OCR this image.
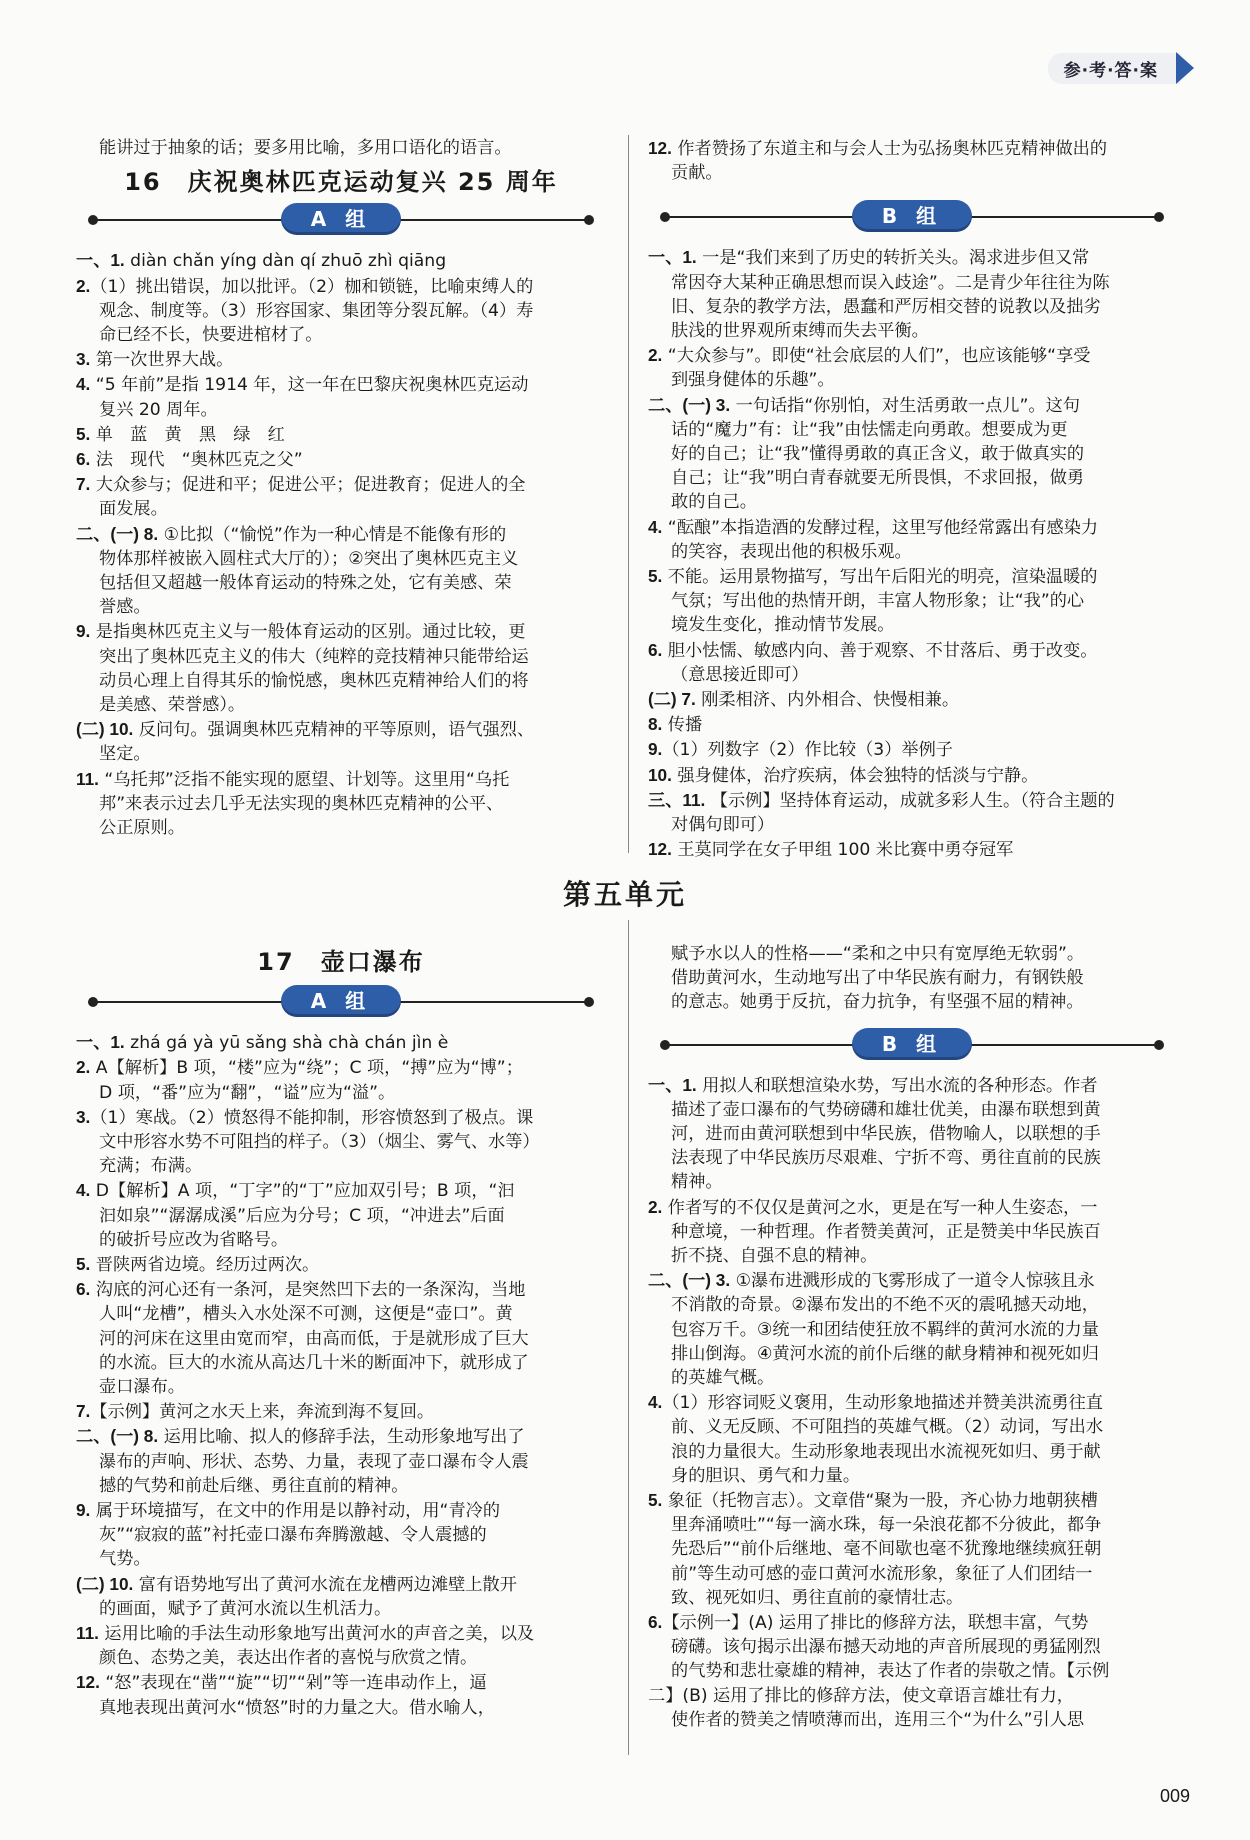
参·考·答·案
能讲过于抽象的话；要多用比喻，多用口语化的语言。
16　庆祝奥林匹克运动复兴 25 周年
A 组
一、1. diàn chǎn yíng dàn qí zhuō zhì qiāng
2.（1）挑出错误，加以批评。（2）枷和锁链，比喻束缚人的
观念、制度等。（3）形容国家、集团等分裂瓦解。（4）寿
命已经不长，快要进棺材了。
3. 第一次世界大战。
4. “5 年前”是指 1914 年，这一年在巴黎庆祝奥林匹克运动
复兴 20 周年。
5. 单　蓝　黄　黑　绿　红
6. 法　现代　“奥林匹克之父”
7. 大众参与；促进和平；促进公平；促进教育；促进人的全
面发展。
二、(一) 8. ①比拟（“愉悦”作为一种心情是不能像有形的
物体那样被嵌入圆柱式大厅的）；②突出了奥林匹克主义
包括但又超越一般体育运动的特殊之处，它有美感、荣
誉感。
9. 是指奥林匹克主义与一般体育运动的区别。通过比较，更
突出了奥林匹克主义的伟大（纯粹的竞技精神只能带给运
动员心理上自得其乐的愉悦感，奥林匹克精神给人们的将
是美感、荣誉感）。
(二) 10. 反问句。强调奥林匹克精神的平等原则，语气强烈、
坚定。
11. “乌托邦”泛指不能实现的愿望、计划等。这里用“乌托
邦”来表示过去几乎无法实现的奥林匹克精神的公平、
公正原则。
12. 作者赞扬了东道主和与会人士为弘扬奥林匹克精神做出的
贡献。
B 组
一、1. 一是“我们来到了历史的转折关头。渴求进步但又常
常因夺大某种正确思想而误入歧途”。二是青少年往往为陈
旧、复杂的教学方法，愚蠢和严厉相交替的说教以及拙劣
肤浅的世界观所束缚而失去平衡。
2. “大众参与”。即使“社会底层的人们”，也应该能够“享受
到强身健体的乐趣”。
二、(一) 3. 一句话指“你别怕，对生活勇敢一点儿”。这句
话的“魔力”有：让“我”由怯懦走向勇敢。想要成为更
好的自己；让“我”懂得勇敢的真正含义，敢于做真实的
自己；让“我”明白青春就要无所畏惧，不求回报，做勇
敢的自己。
4. “酝酿”本指造酒的发酵过程，这里写他经常露出有感染力
的笑容，表现出他的积极乐观。
5. 不能。运用景物描写，写出午后阳光的明亮，渲染温暖的
气氛；写出他的热情开朗，丰富人物形象；让“我”的心
境发生变化，推动情节发展。
6. 胆小怯懦、敏感内向、善于观察、不甘落后、勇于改变。
（意思接近即可）
(二) 7. 刚柔相济、内外相合、快慢相兼。
8. 传播
9.（1）列数字（2）作比较（3）举例子
10. 强身健体，治疗疾病，体会独特的恬淡与宁静。
三、11. 【示例】坚持体育运动，成就多彩人生。（符合主题的
对偶句即可）
12. 王莫同学在女子甲组 100 米比赛中勇夺冠军
第五单元
17　壶口瀑布
A 组
一、1. zhá gá yà yū sǎng shà chà chán jìn è
2. A【解析】B 项，“楼”应为“绕”；C 项，“搏”应为“博”；
D 项，“番”应为“翻”，“谥”应为“溢”。
3.（1）寒战。（2）愤怒得不能抑制，形容愤怒到了极点。课
文中形容水势不可阻挡的样子。（3）（烟尘、雾气、水等）
充满；布满。
4. D【解析】A 项，“丁字”的“丁”应加双引号；B 项，“汩
汩如泉”“潺潺成溪”后应为分号；C 项，“冲进去”后面
的破折号应改为省略号。
5. 晋陕两省边境。经历过两次。
6. 沟底的河心还有一条河，是突然凹下去的一条深沟，当地
人叫“龙槽”，槽头入水处深不可测，这便是“壶口”。黄
河的河床在这里由宽而窄，由高而低，于是就形成了巨大
的水流。巨大的水流从高达几十米的断面冲下，就形成了
壶口瀑布。
7.【示例】黄河之水天上来，奔流到海不复回。
二、(一) 8. 运用比喻、拟人的修辞手法，生动形象地写出了
瀑布的声响、形状、态势、力量，表现了壶口瀑布令人震
撼的气势和前赴后继、勇往直前的精神。
9. 属于环境描写，在文中的作用是以静衬动，用“青冷的
灰”“寂寂的蓝”衬托壶口瀑布奔腾激越、令人震撼的
气势。
(二) 10. 富有语势地写出了黄河水流在龙槽两边滩壁上散开
的画面，赋予了黄河水流以生机活力。
11. 运用比喻的手法生动形象地写出黄河水的声音之美，以及
颜色、态势之美，表达出作者的喜悦与欣赏之情。
12. “怒”表现在“凿”“旋”“切”“剁”等一连串动作上，逼
真地表现出黄河水“愤怒”时的力量之大。借水喻人，
赋予水以人的性格——“柔和之中只有宽厚绝无软弱”。
借助黄河水，生动地写出了中华民族有耐力，有钢铁般
的意志。她勇于反抗，奋力抗争，有坚强不屈的精神。
B 组
一、1. 用拟人和联想渲染水势，写出水流的各种形态。作者
描述了壶口瀑布的气势磅礴和雄壮优美，由瀑布联想到黄
河，进而由黄河联想到中华民族，借物喻人，以联想的手
法表现了中华民族历尽艰难、宁折不弯、勇往直前的民族
精神。
2. 作者写的不仅仅是黄河之水，更是在写一种人生姿态，一
种意境，一种哲理。作者赞美黄河，正是赞美中华民族百
折不挠、自强不息的精神。
二、(一) 3. ①瀑布进溅形成的飞雾形成了一道令人惊骇且永
不消散的奇景。②瀑布发出的不绝不灭的震吼撼天动地，
包容万千。③统一和团结使狂放不羁绊的黄河水流的力量
排山倒海。④黄河水流的前仆后继的献身精神和视死如归
的英雄气概。
4.（1）形容词贬义褒用，生动形象地描述并赞美洪流勇往直
前、义无反顾、不可阻挡的英雄气概。（2）动词，写出水
浪的力量很大。生动形象地表现出水流视死如归、勇于献
身的胆识、勇气和力量。
5. 象征（托物言志）。文章借“聚为一股，齐心协力地朝狭槽
里奔涌喷吐”“每一滴水珠，每一朵浪花都不分彼此，都争
先恐后”“前仆后继地、毫不间歇也毫不犹豫地继续疯狂朝
前”等生动可感的壶口黄河水流形象，象征了人们团结一
致、视死如归、勇往直前的豪情壮志。
6.【示例一】(A) 运用了排比的修辞方法，联想丰富，气势
磅礴。该句揭示出瀑布撼天动地的声音所展现的勇猛刚烈
的气势和悲壮豪雄的精神，表达了作者的崇敬之情。【示例
二】(B) 运用了排比的修辞方法，使文章语言雄壮有力，
使作者的赞美之情喷薄而出，连用三个“为什么”引人思
009
